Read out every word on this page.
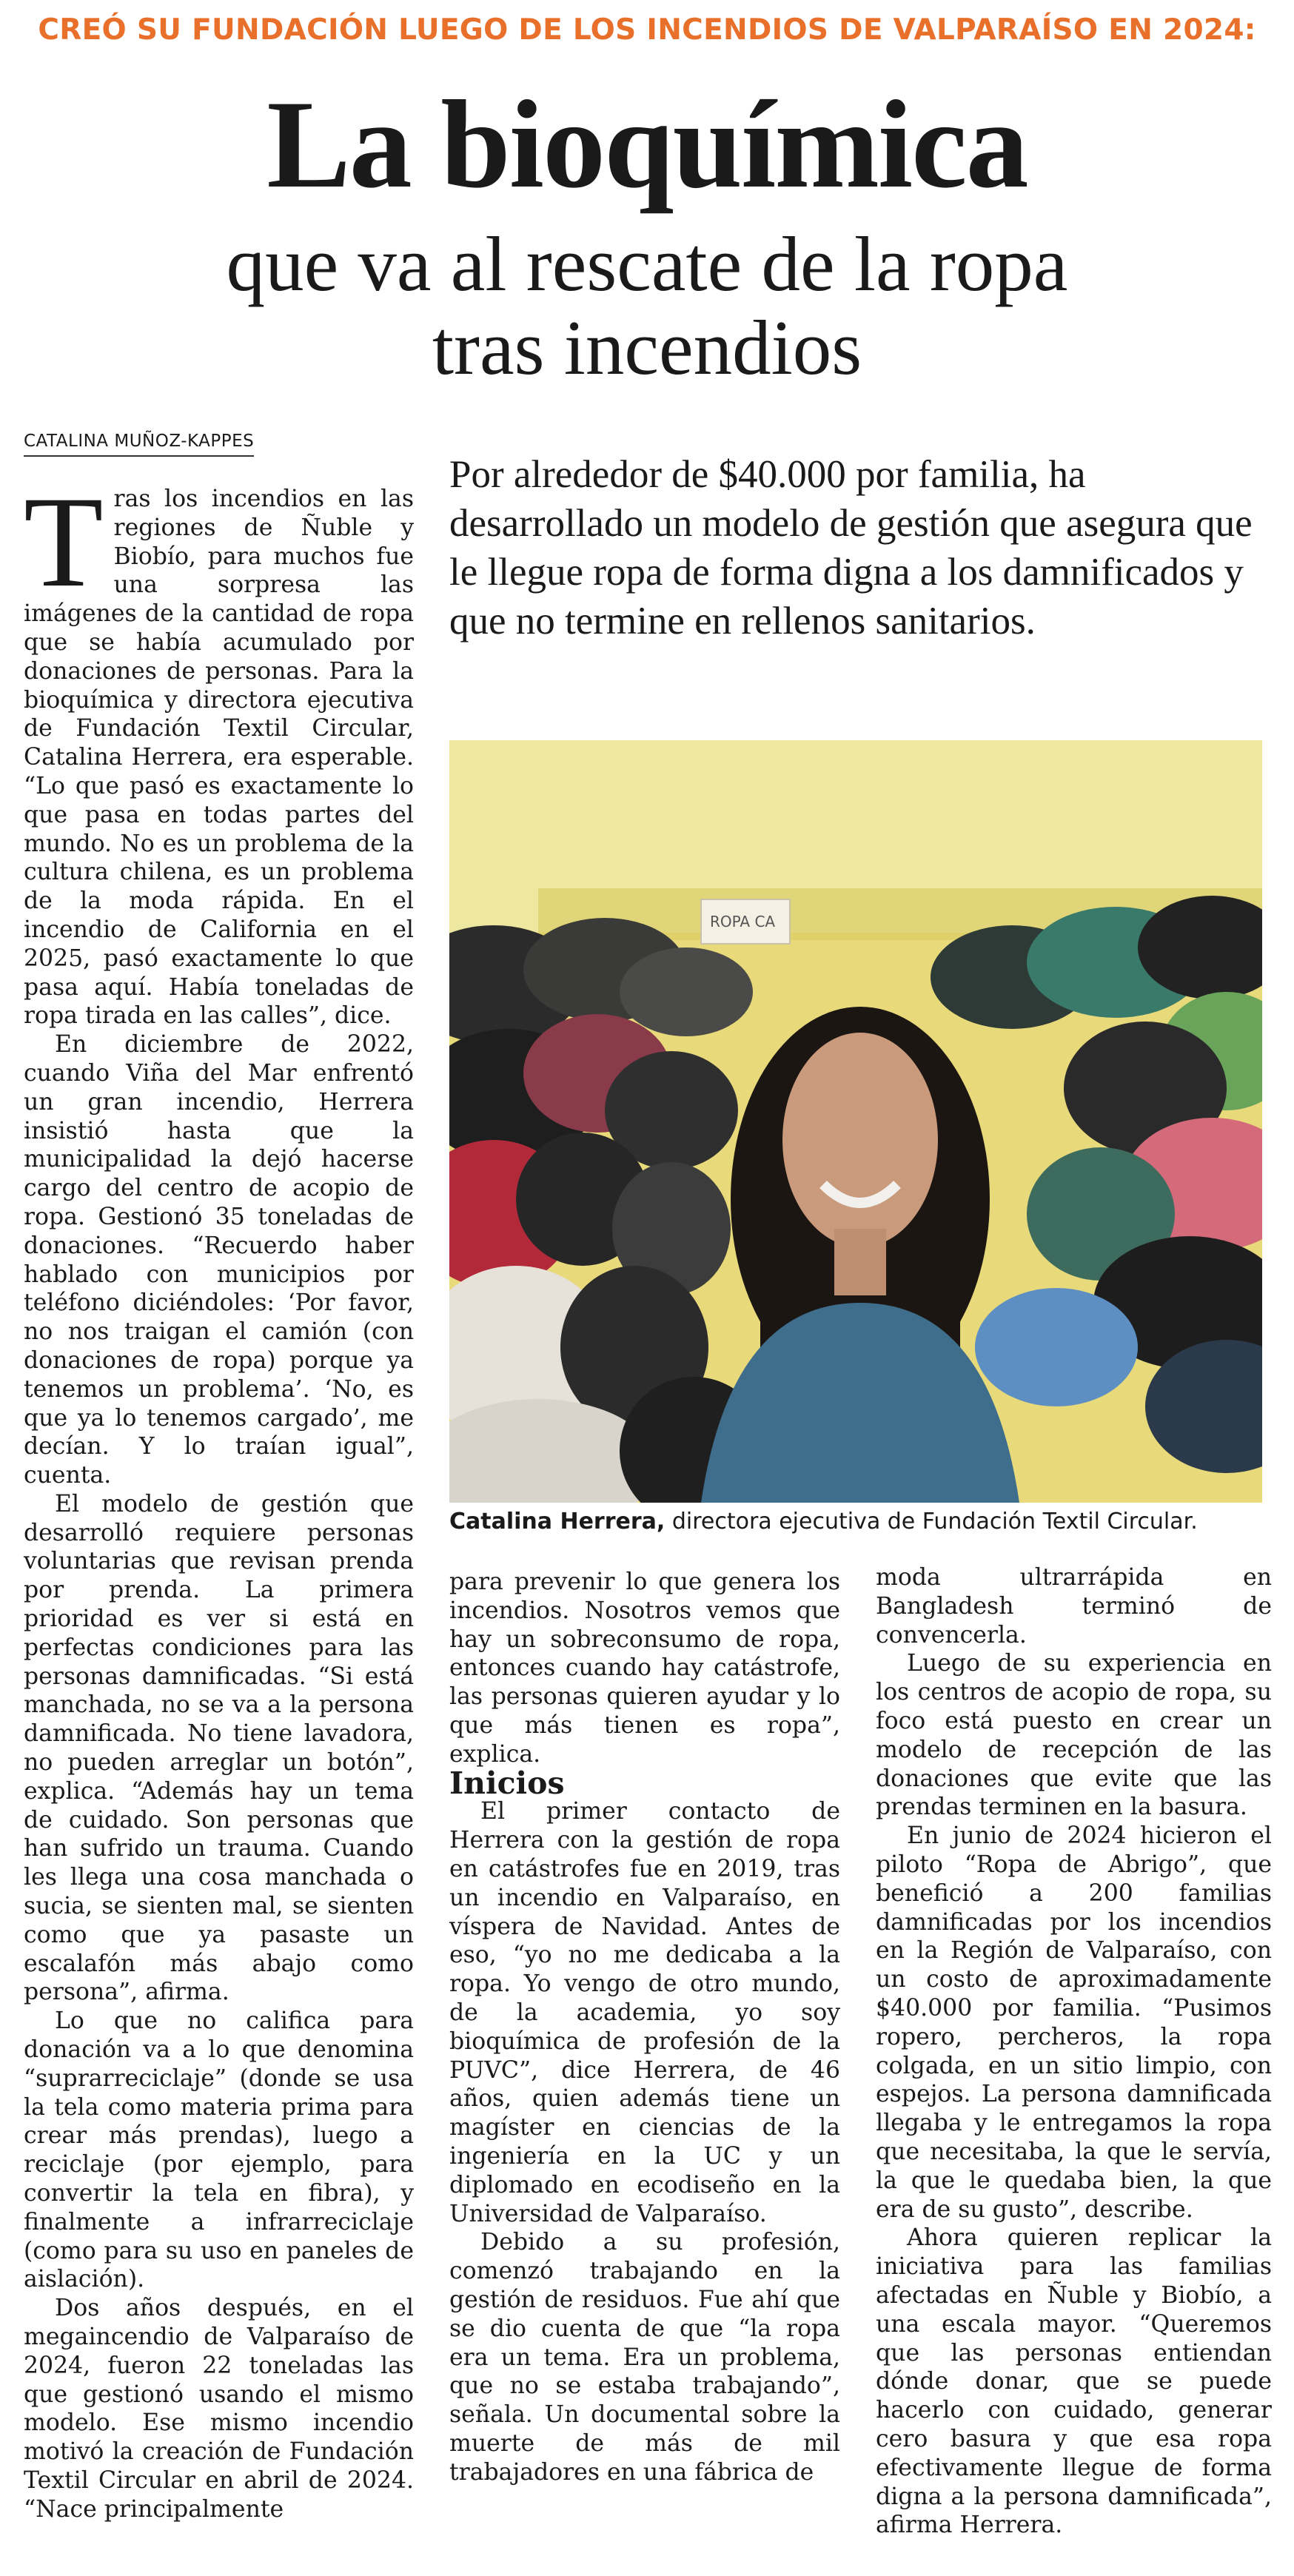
CREÓ SU FUNDACIÓN LUEGO DE LOS INCENDIOS DE VALPARAÍSO EN 2024:
La bioquímica
que va al rescate de la ropa
tras incendios
CATALINA MUÑOZ-KAPPES
Por alrededor de $40.000 por familia, ha desarrollado un modelo de gestión que asegura que le llegue ropa de forma digna a los damnificados y que no termine en rellenos sanitarios.
ROPA CA
Catalina Herrera, directora ejecutiva de Fundación Textil Circular.
T ras los incendios en las regiones de Ñuble y Biobío, para muchos fue una sorpresa las imágenes de la cantidad de ropa que se había acumulado por donaciones de personas. Para la bioquímica y directora ejecutiva de Fundación Textil Circular, Catalina Herrera, era esperable. “Lo que pasó es exactamente lo que pasa en todas partes del mundo. No es un problema de la cultura chilena, es un problema de la moda rápida. En el incendio de California en el 2025, pasó exactamente lo que pasa aquí. Había toneladas de ropa tirada en las calles”, dice.

En diciembre de 2022, cuando Viña del Mar enfrentó un gran incendio, Herrera insistió hasta que la municipalidad la dejó hacerse cargo del centro de acopio de ropa. Gestionó 35 toneladas de donaciones. “Recuerdo haber hablado con municipios por teléfono diciéndoles: ‘Por favor, no nos traigan el camión (con donaciones de ropa) porque ya tenemos un problema’. ‘No, es que ya lo tenemos cargado’, me decían. Y lo traían igual”, cuenta.

El modelo de gestión que desarrolló requiere personas voluntarias que revisan prenda por prenda. La primera prioridad es ver si está en perfectas condiciones para las personas damnificadas. “Si está manchada, no se va a la persona damnificada. No tiene lavadora, no pueden arreglar un botón”, explica. “Además hay un tema de cuidado. Son personas que han sufrido un trauma. Cuando les llega una cosa manchada o sucia, se sienten mal, se sienten como que ya pasaste un escalafón más abajo como persona”, afirma.

Lo que no califica para donación va a lo que denomina “suprarreciclaje” (donde se usa la tela como materia prima para crear más prendas), luego a reciclaje (por ejemplo, para convertir la tela en fibra), y finalmente a infrarreciclaje (como para su uso en paneles de aislación).

Dos años después, en el megaincendio de Valparaíso de 2024, fueron 22 toneladas las que gestionó usando el mismo modelo. Ese mismo incendio motivó la creación de Fundación Textil Circular en abril de 2024. “Nace principalmente

para prevenir lo que genera los incendios. Nosotros vemos que hay un sobreconsumo de ropa, entonces cuando hay catástrofe, las personas quieren ayudar y lo que más tienen es ropa”, explica.

Inicios

El primer contacto de Herrera con la gestión de ropa en catástrofes fue en 2019, tras un incendio en Valparaíso, en víspera de Navidad. Antes de eso, “yo no me dedicaba a la ropa. Yo vengo de otro mundo, de la academia, yo soy bioquímica de profesión de la PUVC”, dice Herrera, de 46 años, quien además tiene un magíster en ciencias de la ingeniería en la UC y un diplomado en ecodiseño en la Universidad de Valparaíso.

Debido a su profesión, comenzó trabajando en la gestión de residuos. Fue ahí que se dio cuenta de que “la ropa era un tema. Era un problema, que no se estaba trabajando”, señala. Un documental sobre la muerte de más de mil trabajadores en una fábrica de

moda ultrarrápida en Bangladesh terminó de convencerla.

Luego de su experiencia en los centros de acopio de ropa, su foco está puesto en crear un modelo de recepción de las donaciones que evite que las prendas terminen en la basura.

En junio de 2024 hicieron el piloto “Ropa de Abrigo”, que benefició a 200 familias damnificadas por los incendios en la Región de Valparaíso, con un costo de aproximadamente $40.000 por familia. “Pusimos ropero, percheros, la ropa colgada, en un sitio limpio, con espejos. La persona damnificada llegaba y le entregamos la ropa que necesitaba, la que le servía, la que le quedaba bien, la que era de su gusto”, describe.

Ahora quieren replicar la iniciativa para las familias afectadas en Ñuble y Biobío, a una escala mayor. “Queremos que las personas entiendan dónde donar, que se puede hacerlo con cuidado, generar cero basura y que esa ropa efectivamente llegue de forma digna a la persona damnificada”, afirma Herrera.
